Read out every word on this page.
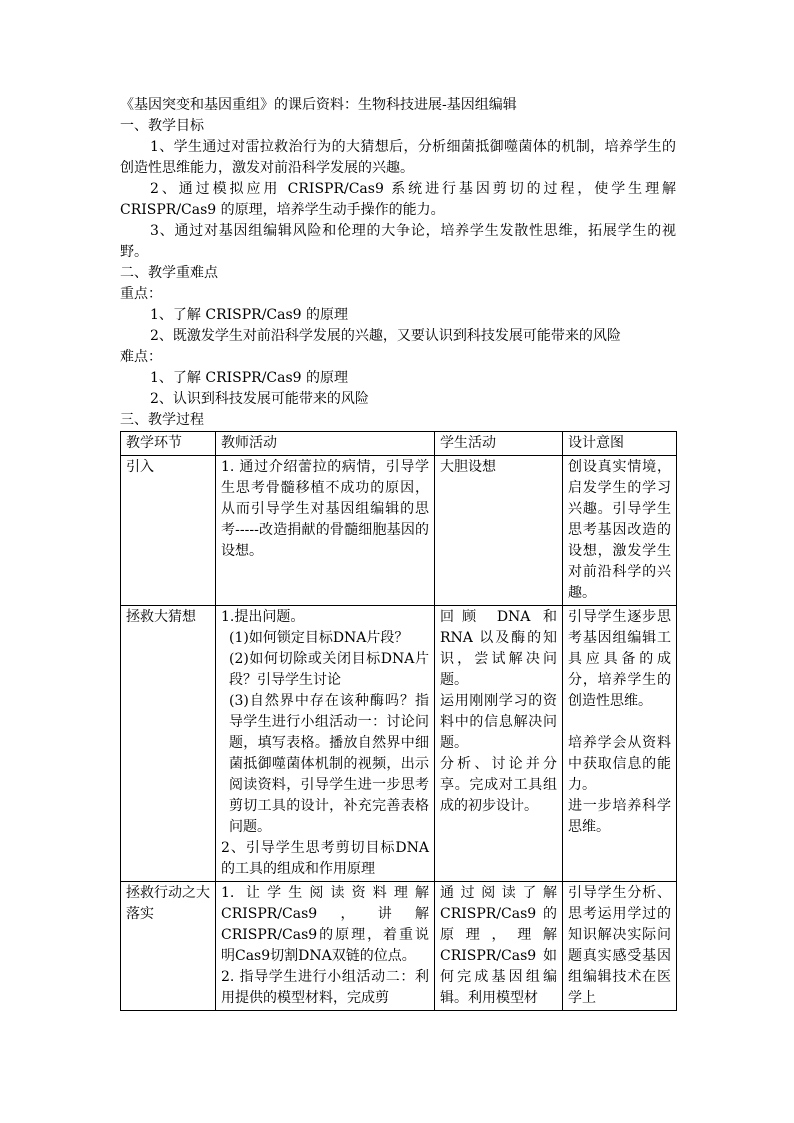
《基因突变和基因重组》的课后资料：生物科技进展-基因组编辑
一、教学目标
1、学生通过对雷拉救治行为的大猜想后，分析细菌抵御噬菌体的机制，培养学生的创造性思维能力，激发对前沿科学发展的兴趣。
2、通过模拟应用 CRISPR/Cas9 系统进行基因剪切的过程，使学生理解CRISPR/Cas9 的原理，培养学生动手操作的能力。
3、通过对基因组编辑风险和伦理的大争论，培养学生发散性思维，拓展学生的视野。
二、教学重难点
重点：
1、了解 CRISPR/Cas9 的原理
2、既激发学生对前沿科学发展的兴趣，又要认识到科技发展可能带来的风险
难点：
1、了解 CRISPR/Cas9 的原理
2、认识到科技发展可能带来的风险
三、教学过程
教学环节	教师活动	学生活动	设计意图
引入	1. 通过介绍蕾拉的病情，引导学生思考骨髓移植不成功的原因，从而引导学生对基因组编辑的思考-----改造捐献的骨髓细胞基因的设想。	大胆设想	创设真实情境，启发学生的学习兴趣。引导学生思考基因改造的设想，激发学生对前沿科学的兴趣。

拯救大猜想	1.提出问题。
(1)如何锁定目标DNA片段？
(2)如何切除或关闭目标DNA片段？引导学生讨论
(3)自然界中存在该种酶吗？指导学生进行小组活动一：讨论问题，填写表格。播放自然界中细菌抵御噬菌体机制的视频，出示阅读资料，引导学生进一步思考剪切工具的设计，补充完善表格问题。
2、引导学生思考剪切目标DNA的工具的组成和作用原理	回顾 DNA 和 RNA 以及酶的知识，尝试解决问题。
运用刚刚学习的资料中的信息解决问题。
分析、讨论并分享。完成对工具组成的初步设计。	引导学生逐步思考基因组编辑工具应具备的成分，培养学生的创造性思维。
培养学会从资料中获取信息的能力。
进一步培养科学思维。

拯救行动之大落实	1. 让学生阅读资料理解CRISPR/Cas9，讲解CRISPR/Cas9的原理，着重说明Cas9切割DNA双链的位点。
2. 指导学生进行小组活动二：利用提供的模型材料，完成剪	通过阅读了解CRISPR/Cas9 的原理，理解CRISPR/Cas9 如何完成基因组编辑。利用模型材	引导学生分析、思考运用学过的知识解决实际问题真实感受基因组编辑技术在医学上
